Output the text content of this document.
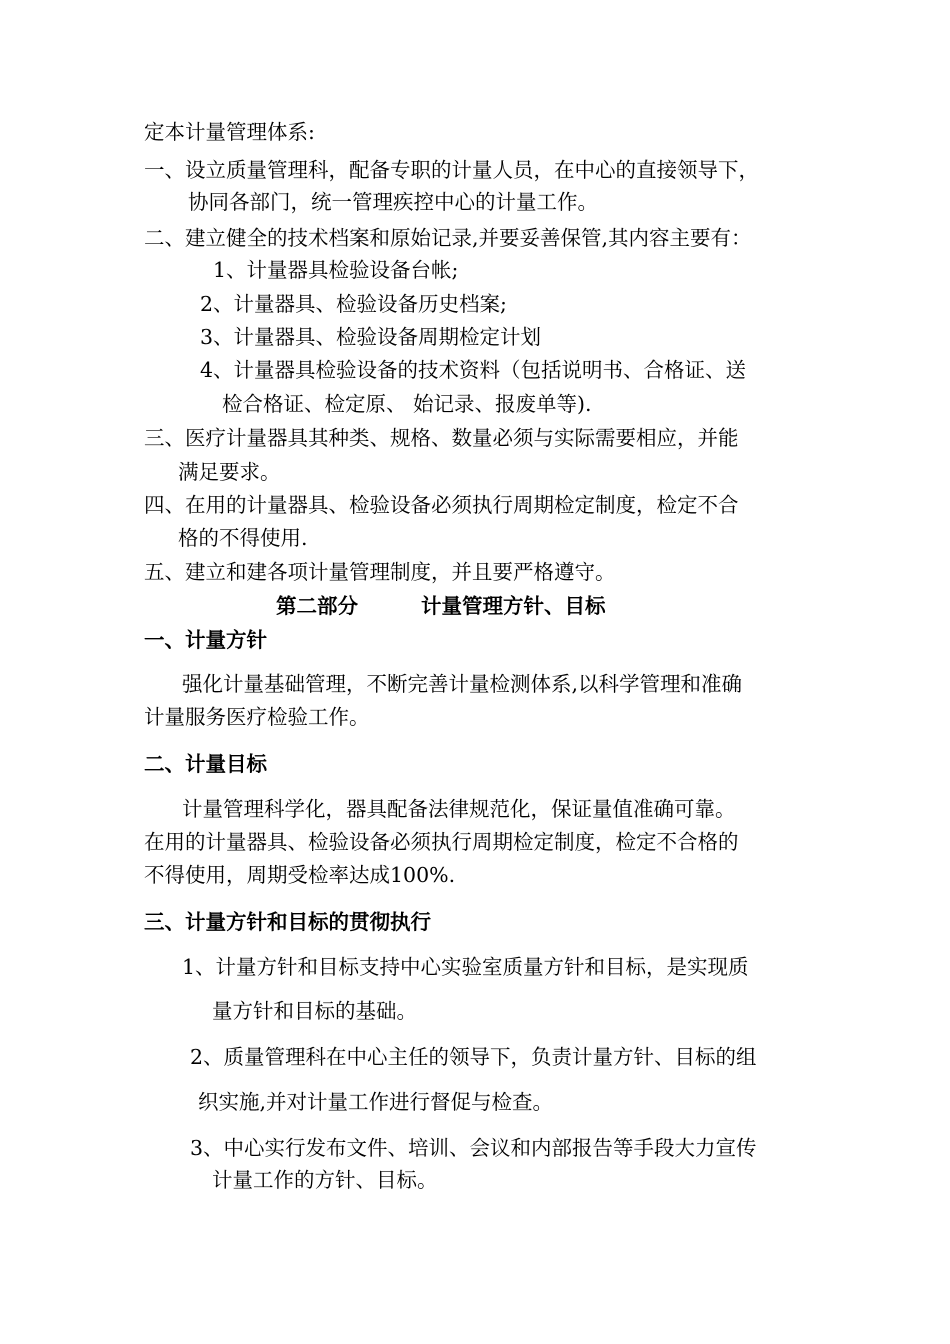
定本计量管理体系:
一、设立质量管理科，配备专职的计量人员，在中心的直接领导下，
协同各部门，统一管理疾控中心的计量工作。
二、建立健全的技术档案和原始记录,并要妥善保管,其内容主要有：
1、计量器具检验设备台帐;
2、计量器具、检验设备历史档案;
3、计量器具、检验设备周期检定计划
4、计量器具检验设备的技术资料（包括说明书、合格证、送
检合格证、检定原、 始记录、报废单等).
三、医疗计量器具其种类、规格、数量必须与实际需要相应，并能
满足要求。
四、在用的计量器具、检验设备必须执行周期检定制度，检定不合
格的不得使用.
五、建立和建各项计量管理制度，并且要严格遵守。
第二部分	计量管理方针、目标
一、计量方针
强化计量基础管理，不断完善计量检测体系,以科学管理和准确
计量服务医疗检验工作。
二、计量目标
计量管理科学化，器具配备法律规范化，保证量值准确可靠。
在用的计量器具、检验设备必须执行周期检定制度，检定不合格的
不得使用，周期受检率达成100%.
三、计量方针和目标的贯彻执行
1、计量方针和目标支持中心实验室质量方针和目标，是实现质
量方针和目标的基础。
2、质量管理科在中心主任的领导下，负责计量方针、目标的组
织实施,并对计量工作进行督促与检查。
3、中心实行发布文件、培训、会议和内部报告等手段大力宣传
计量工作的方针、目标。
